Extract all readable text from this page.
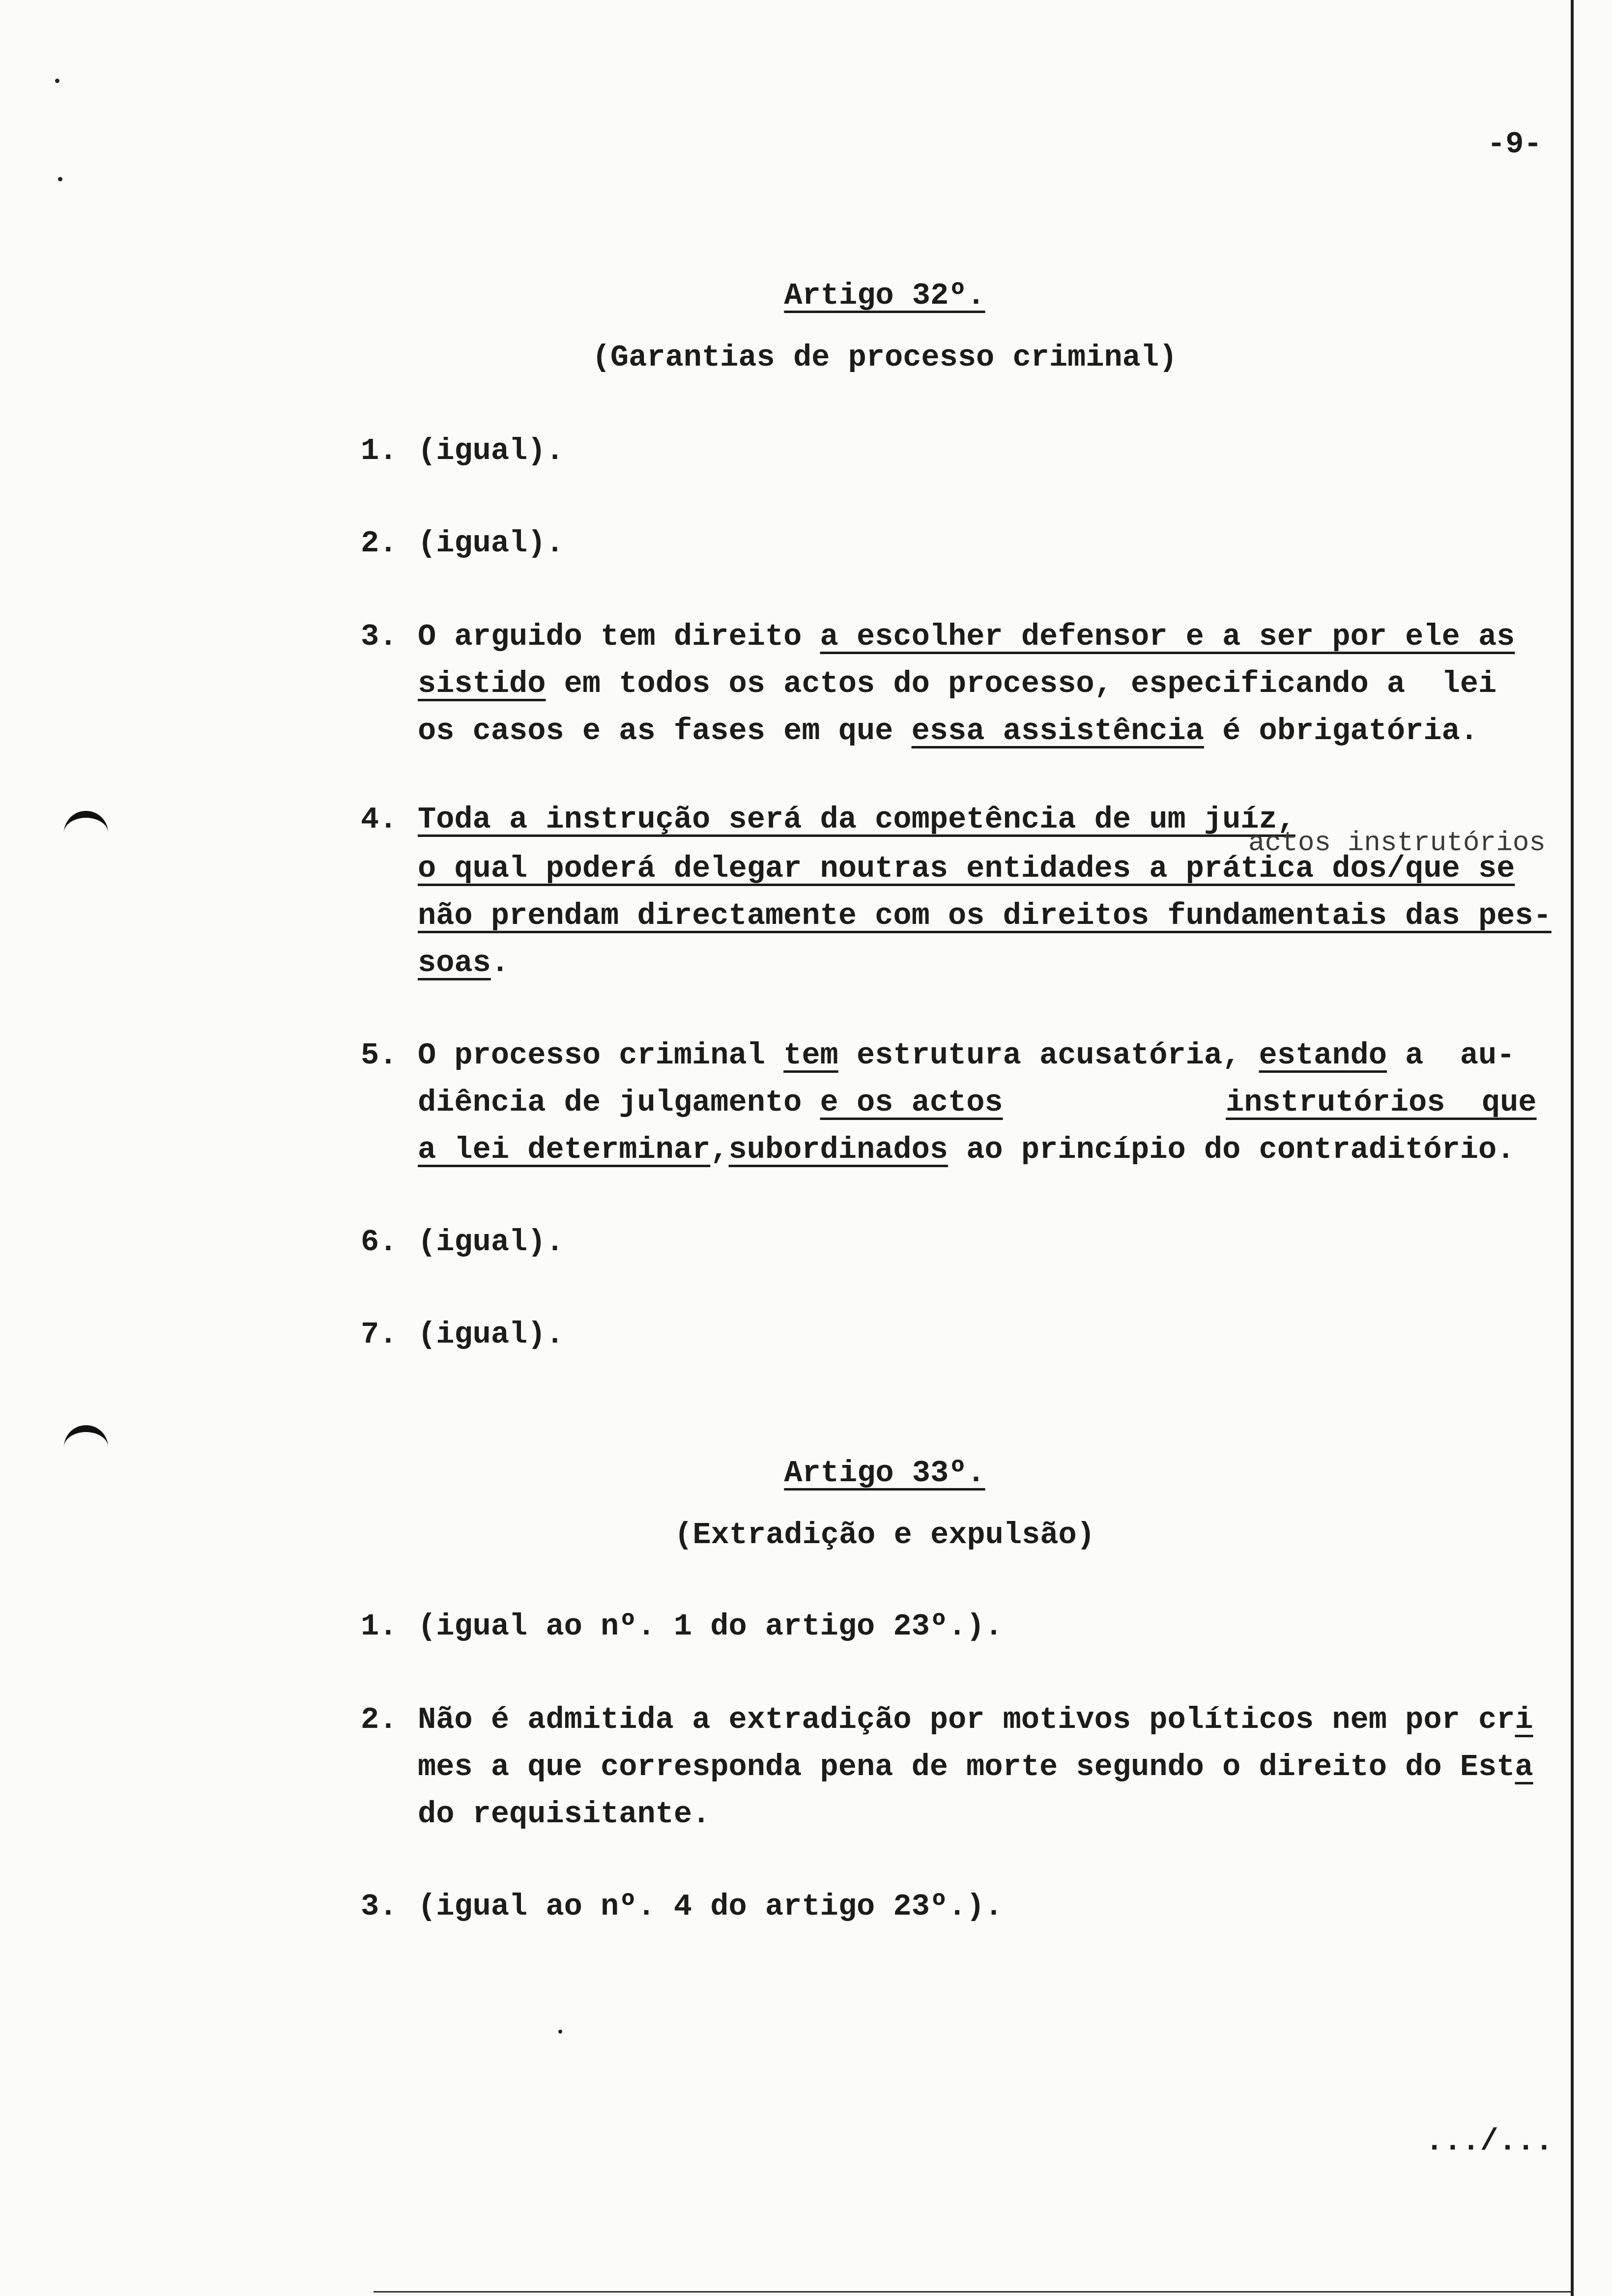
-9-
Artigo 32º.
(Garantias de processo criminal)
1. (igual).
2. (igual).
3. O arguido tem direito a escolher defensor e a ser por ele as
sistido em todos os actos do processo, especificando a  lei
os casos e as fases em que essa assistência é obrigatória.
4. Toda a instrução será da competência de um juíz,
actos instrutórios
o qual poderá delegar noutras entidades a prática dos/que se
não prendam directamente com os direitos fundamentais das pes-
soas.
5. O processo criminal tem estrutura acusatória, estando a  au-
diência de julgamento e os actos	instrutórios  que
a lei determinar,subordinados ao princípio do contraditório.
6. (igual).
7. (igual).
Artigo 33º.
(Extradição e expulsão)
1. (igual ao nº. 1 do artigo 23º.).
2. Não é admitida a extradição por motivos políticos nem por cri
mes a que corresponda pena de morte segundo o direito do Esta
do requisitante.
3. (igual ao nº. 4 do artigo 23º.).
.../...
